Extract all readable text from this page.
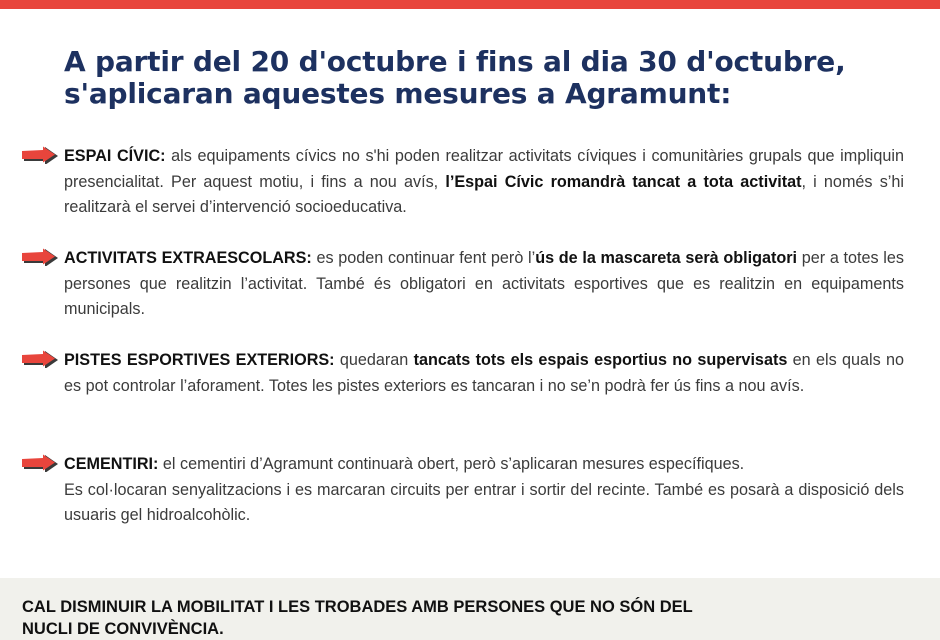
A partir del 20 d'octubre i fins al dia 30 d'octubre,
s'aplicaran aquestes mesures a Agramunt:

ESPAI CÍVIC: als equipaments cívics no s'hi poden realitzar activitats cíviques i comunitàries grupals que impliquin presencialitat. Per aquest motiu, i fins a nou avís, l’Espai Cívic romandrà tancat a tota activitat, i només s’hi realitzarà el servei d’intervenció socioeducativa.

ACTIVITATS EXTRAESCOLARS: es poden continuar fent però l’ús de la mascareta serà obligatori per a totes les persones que realitzin l’activitat. També és obligatori en activitats esportives que es realitzin en equipaments municipals.

PISTES ESPORTIVES EXTERIORS: quedaran tancats tots els espais esportius no supervisats en els quals no es pot controlar l’aforament. Totes les pistes exteriors es tancaran i no se’n podrà fer ús fins a nou avís.

CEMENTIRI: el cementiri d’Agramunt continuarà obert, però s’aplicaran mesures específiques.

Es col·locaran senyalitzacions i es marcaran circuits per entrar i sortir del recinte. També es posarà a disposició dels usuaris gel hidroalcohòlic.

CAL DISMINUIR LA MOBILITAT I LES TROBADES AMB PERSONES QUE NO SÓN DEL
NUCLI DE CONVIVÈNCIA.
